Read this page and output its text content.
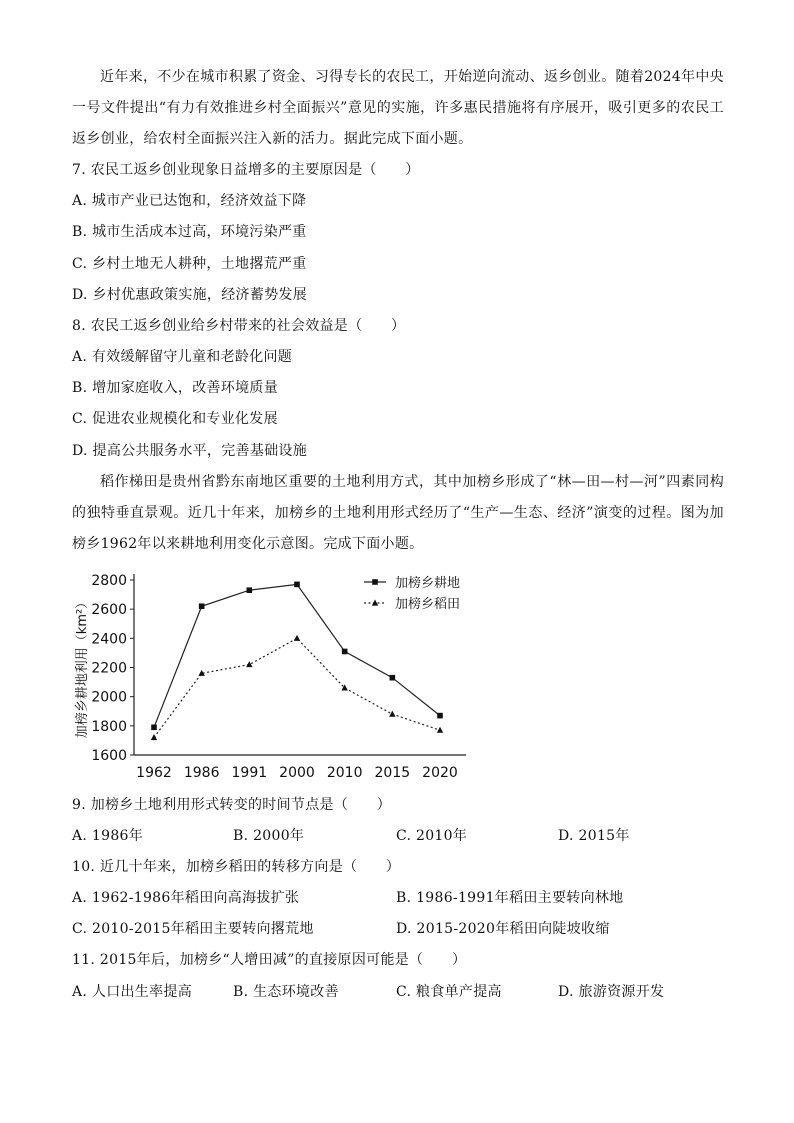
近年来，不少在城市积累了资金、习得专长的农民工，开始逆向流动、返乡创业。随着2024年中央一号文件提出“有力有效推进乡村全面振兴”意见的实施，许多惠民措施将有序展开，吸引更多的农民工返乡创业，给农村全面振兴注入新的活力。据此完成下面小题。
7. 农民工返乡创业现象日益增多的主要原因是（　　）
A. 城市产业已达饱和，经济效益下降
B. 城市生活成本过高，环境污染严重
C. 乡村土地无人耕种，土地撂荒严重
D. 乡村优惠政策实施，经济蓄势发展
8. 农民工返乡创业给乡村带来的社会效益是（　　）
A. 有效缓解留守儿童和老龄化问题
B. 增加家庭收入，改善环境质量
C. 促进农业规模化和专业化发展
D. 提高公共服务水平，完善基础设施
稻作梯田是贵州省黔东南地区重要的土地利用方式，其中加榜乡形成了“林—田—村—河”四素同构的独特垂直景观。近几十年来，加榜乡的土地利用形式经历了“生产—生态、经济”演变的过程。图为加榜乡1962年以来耕地利用变化示意图。完成下面小题。
1600
1800
2000
2200
2400
2600
2800
1962 1986 1991 2000 2010 2015 2020
加榜乡耕地利用（km²）
加榜乡耕地
加榜乡稻田
9. 加榜乡土地利用形式转变的时间节点是（　　）
A. 1986年	B. 2000年	C. 2010年	D. 2015年
10. 近几十年来，加榜乡稻田的转移方向是（　　）
A. 1962-1986年稻田向高海拔扩张	B. 1986-1991年稻田主要转向林地
C. 2010-2015年稻田主要转向撂荒地	D. 2015-2020年稻田向陡坡收缩
11. 2015年后，加榜乡“人增田减”的直接原因可能是（　　）
A. 人口出生率提高	B. 生态环境改善	C. 粮食单产提高	D. 旅游资源开发
